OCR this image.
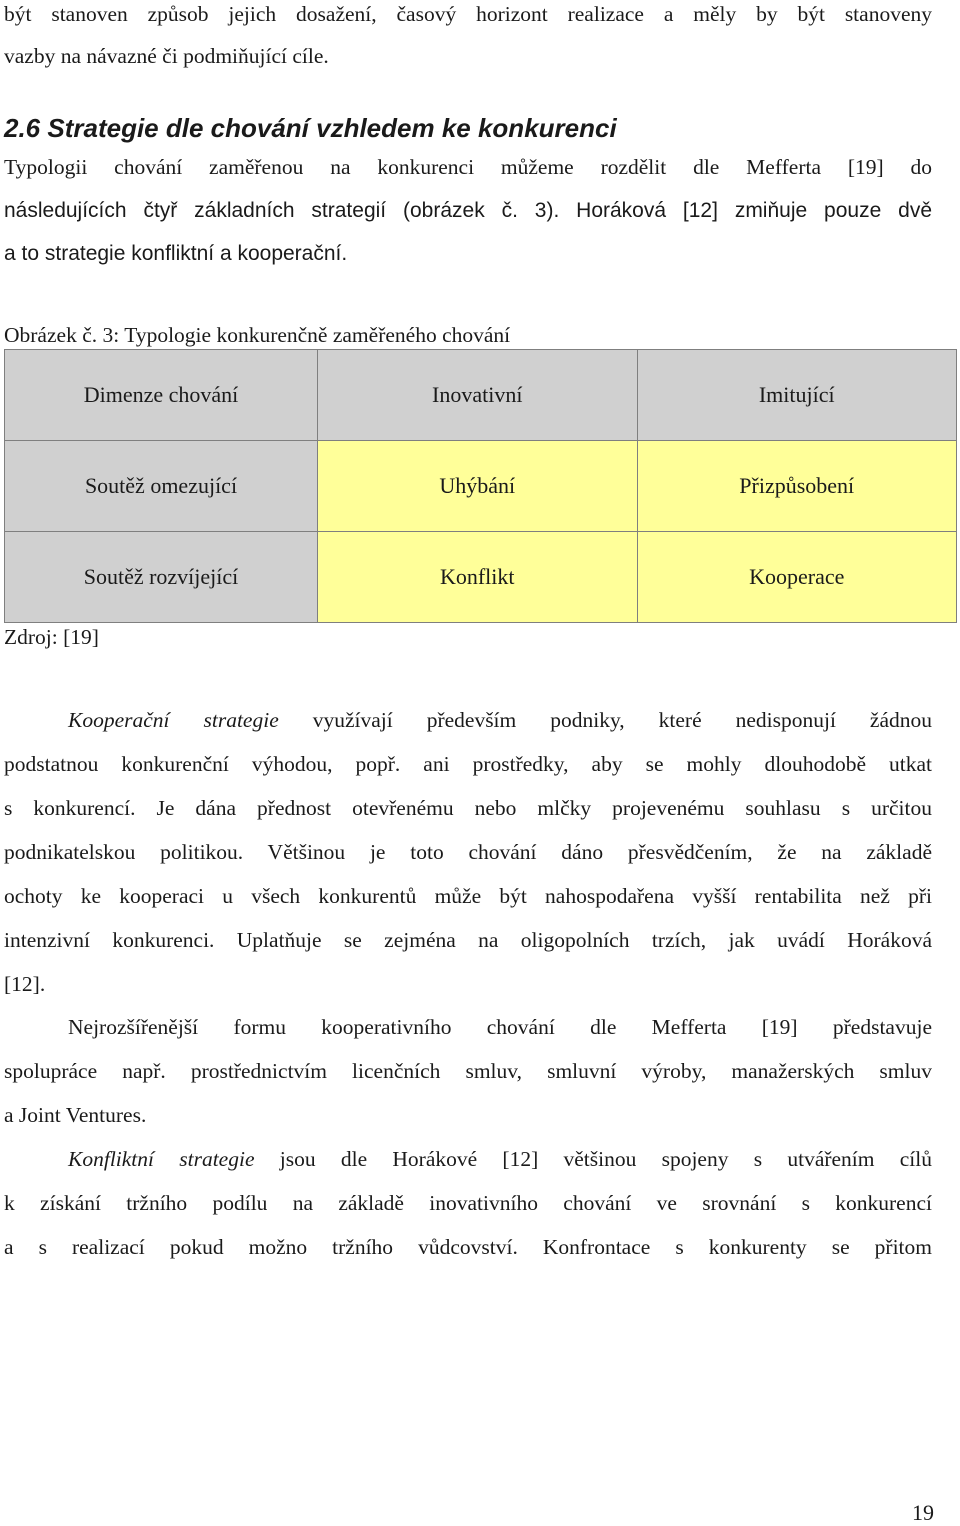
být stanoven způsob jejich dosažení, časový horizont realizace a měly by být stanoveny
vazby na návazné či podmiňující cíle.
2.6 Strategie dle chování vzhledem ke konkurenci
Typologii chování zaměřenou na konkurenci můžeme rozdělit dle Mefferta [19] do
následujících čtyř základních strategií (obrázek č. 3). Horáková [12] zmiňuje pouze dvě
a to strategie konfliktní a kooperační.
Obrázek č. 3: Typologie konkurenčně zaměřeného chování
Dimenze chování	Inovativní	Imitující
Soutěž omezující	Uhýbání	Přizpůsobení
Soutěž rozvíjející	Konflikt	Kooperace
Zdroj: [19]
Kooperační strategie využívají především podniky, které nedisponují žádnou
podstatnou konkurenční výhodou, popř. ani prostředky, aby se mohly dlouhodobě utkat
s konkurencí. Je dána přednost otevřenému nebo mlčky projevenému souhlasu s určitou
podnikatelskou politikou. Většinou je toto chování dáno přesvědčením, že na základě
ochoty ke kooperaci u všech konkurentů může být nahospodařena vyšší rentabilita než při
intenzivní konkurenci. Uplatňuje se zejména na oligopolních trzích, jak uvádí Horáková
[12].
Nejrozšířenější formu kooperativního chování dle Mefferta [19] představuje
spolupráce např. prostřednictvím licenčních smluv, smluvní výroby, manažerských smluv
a Joint Ventures.
Konfliktní strategie jsou dle Horákové [12] většinou spojeny s utvářením cílů
k získání tržního podílu na základě inovativního chování ve srovnání s konkurencí
a s realizací pokud možno tržního vůdcovství. Konfrontace s konkurenty se přitom
19
